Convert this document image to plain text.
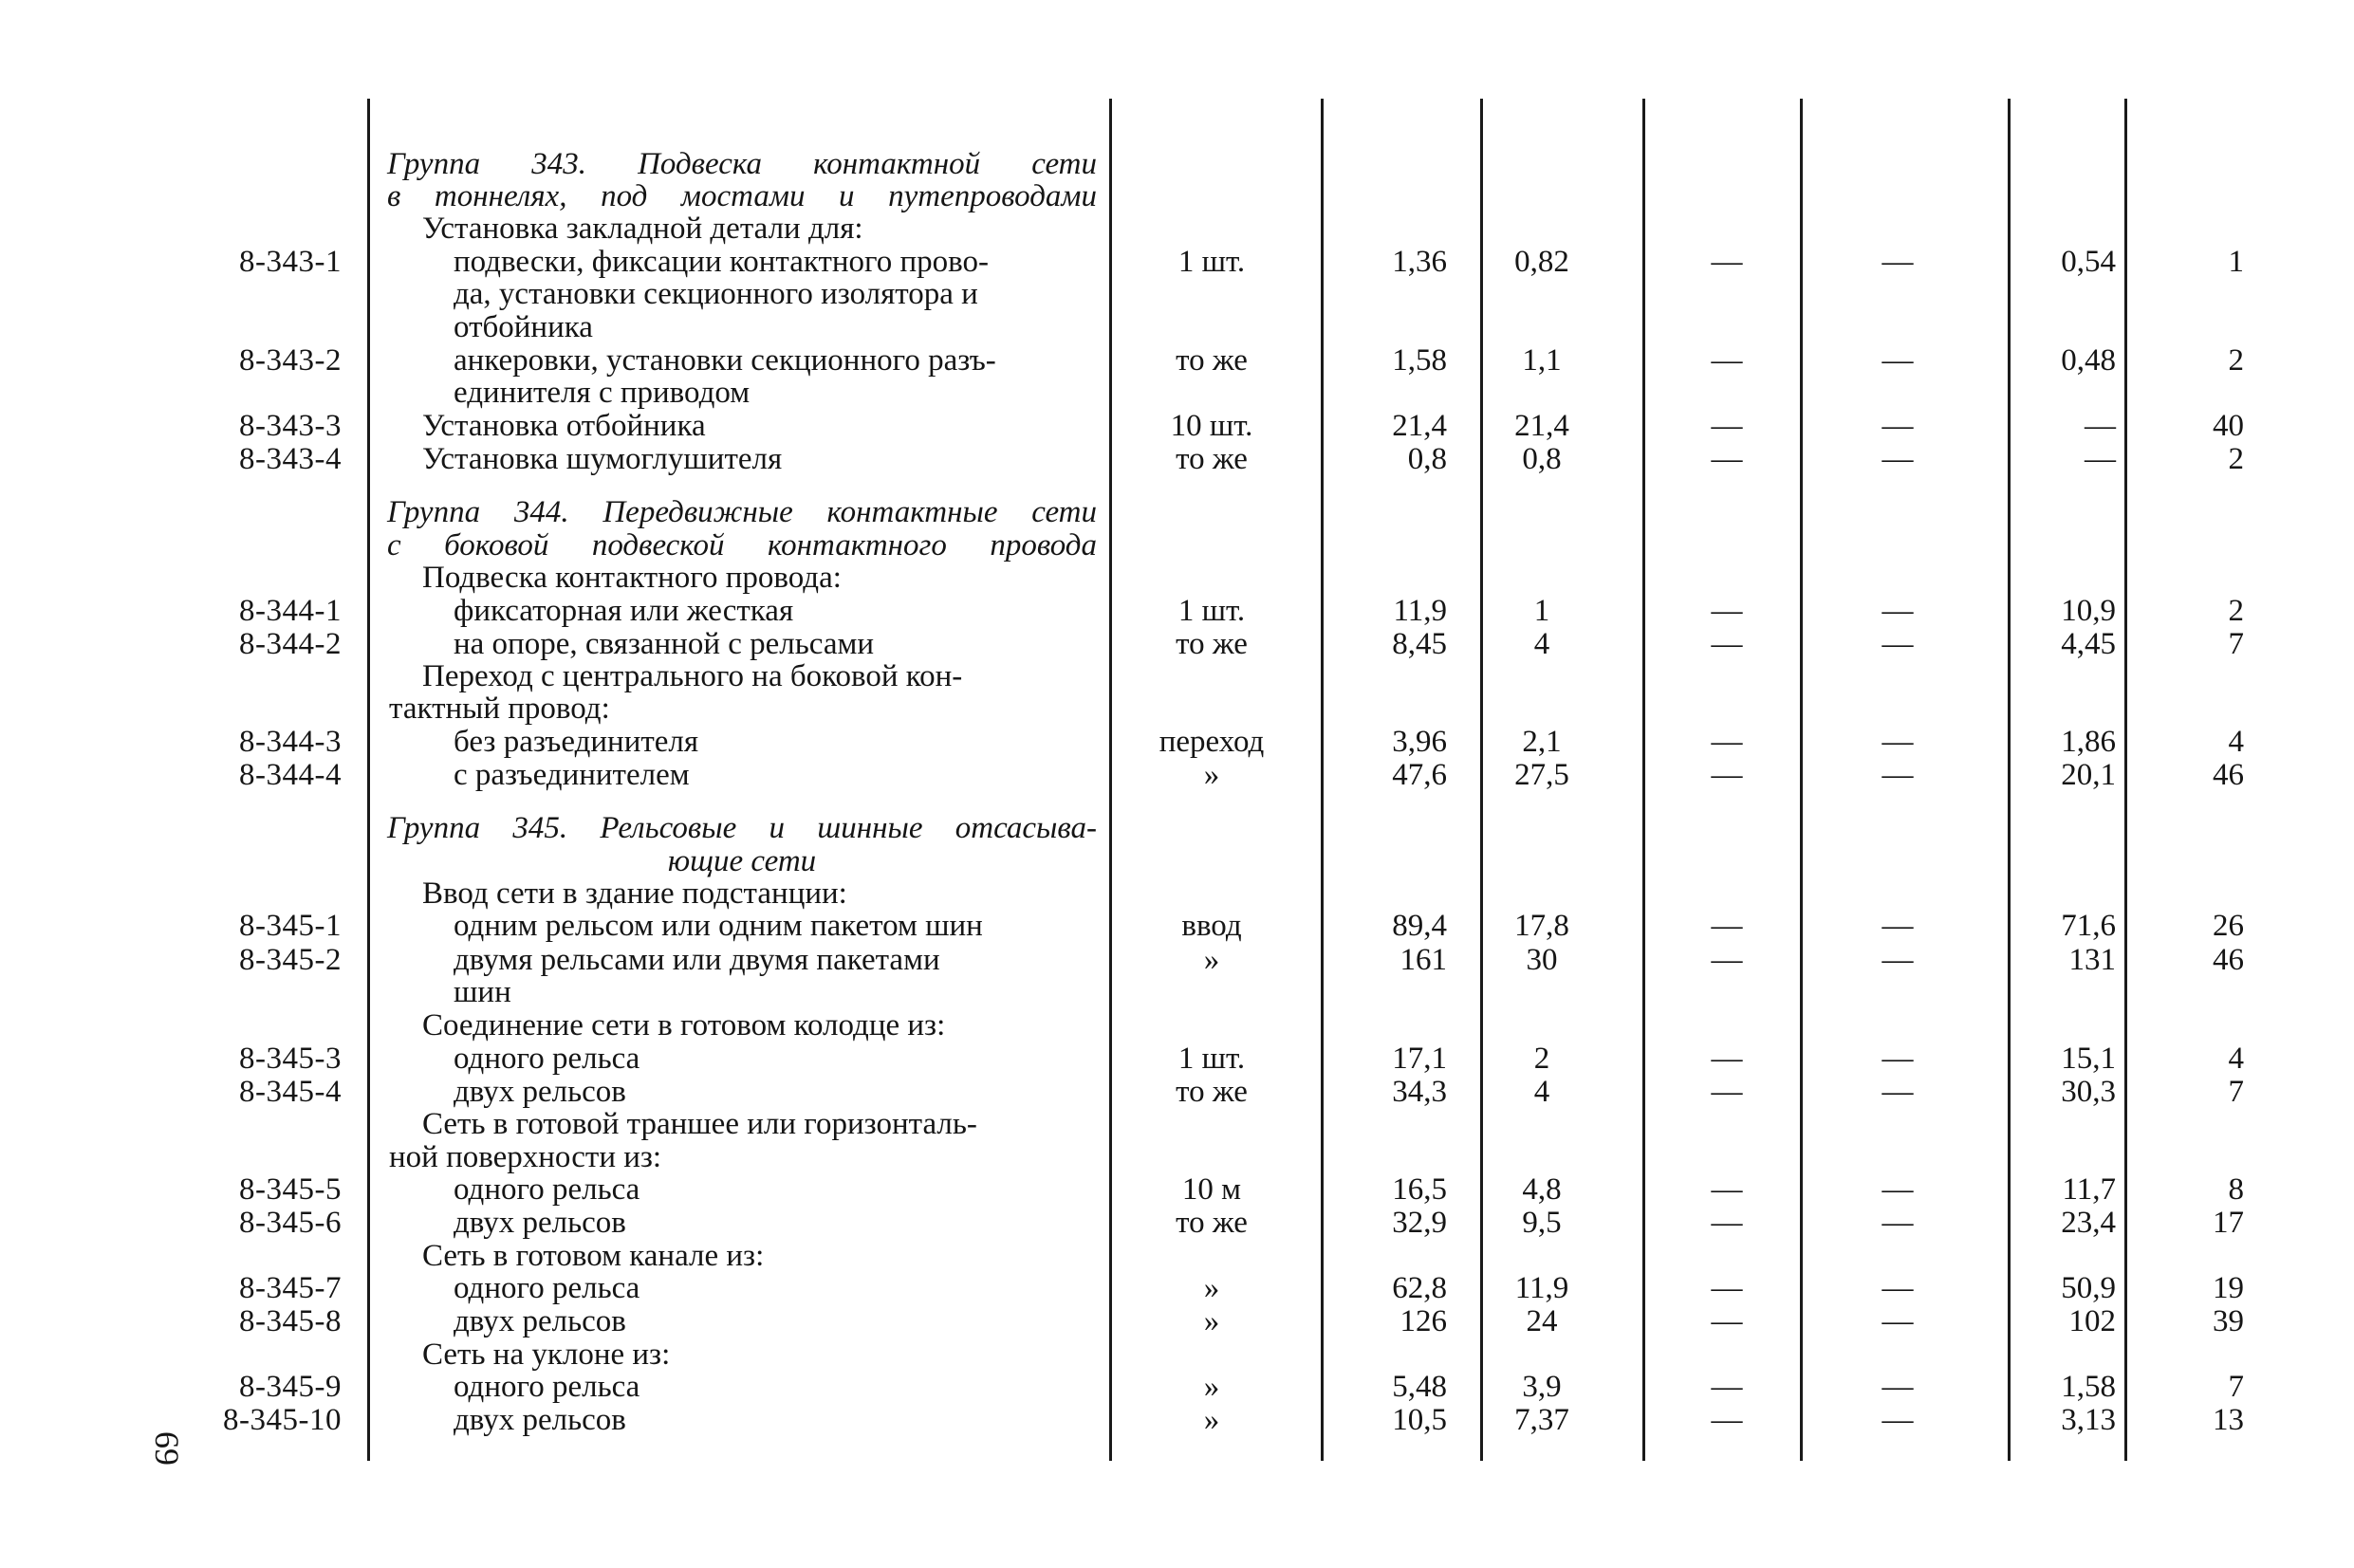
Группа 343. Подвеска контактной сети
в тоннелях, под мостами и путепроводами
Установка закладной детали для:
8-343-1	подвески, фиксации контактного прово-	1 шт.	1,36	0,82	—	—	0,54	1
да, установки секционного изолятора и
отбойника
8-343-2	анкеровки, установки секционного разъ-	то же	1,58	1,1	—	—	0,48	2
единителя с приводом
8-343-3	Установка отбойника	10 шт.	21,4	21,4	—	—	—	40
8-343-4	Установка шумоглушителя	то же	0,8	0,8	—	—	—	2
Группа 344. Передвижные контактные сети
с боковой подвеской контактного провода
Подвеска контактного провода:
8-344-1	фиксаторная или жесткая	1 шт.	11,9	1	—	—	10,9	2
8-344-2	на опоре, связанной с рельсами	то же	8,45	4	—	—	4,45	7
Переход с центрального на боковой кон-
тактный провод:
8-344-3	без разъединителя	переход	3,96	2,1	—	—	1,86	4
8-344-4	с разъединителем	»	47,6	27,5	—	—	20,1	46
Группа 345. Рельсовые и шинные отсасыва-
ющие сети
Ввод сети в здание подстанции:
8-345-1	одним рельсом или одним пакетом шин	ввод	89,4	17,8	—	—	71,6	26
8-345-2	двумя рельсами или двумя пакетами	»	161	30	—	—	131	46
шин
Соединение сети в готовом колодце из:
8-345-3	одного рельса	1 шт.	17,1	2	—	—	15,1	4
8-345-4	двух рельсов	то же	34,3	4	—	—	30,3	7
Сеть в готовой траншее или горизонталь-
ной поверхности из:
8-345-5	одного рельса	10 м	16,5	4,8	—	—	11,7	8
8-345-6	двух рельсов	то же	32,9	9,5	—	—	23,4	17
Сеть в готовом канале из:
8-345-7	одного рельса	»	62,8	11,9	—	—	50,9	19
8-345-8	двух рельсов	»	126	24	—	—	102	39
Сеть на уклоне из:
8-345-9	одного рельса	»	5,48	3,9	—	—	1,58	7
8-345-10	двух рельсов	»	10,5	7,37	—	—	3,13	13
69
